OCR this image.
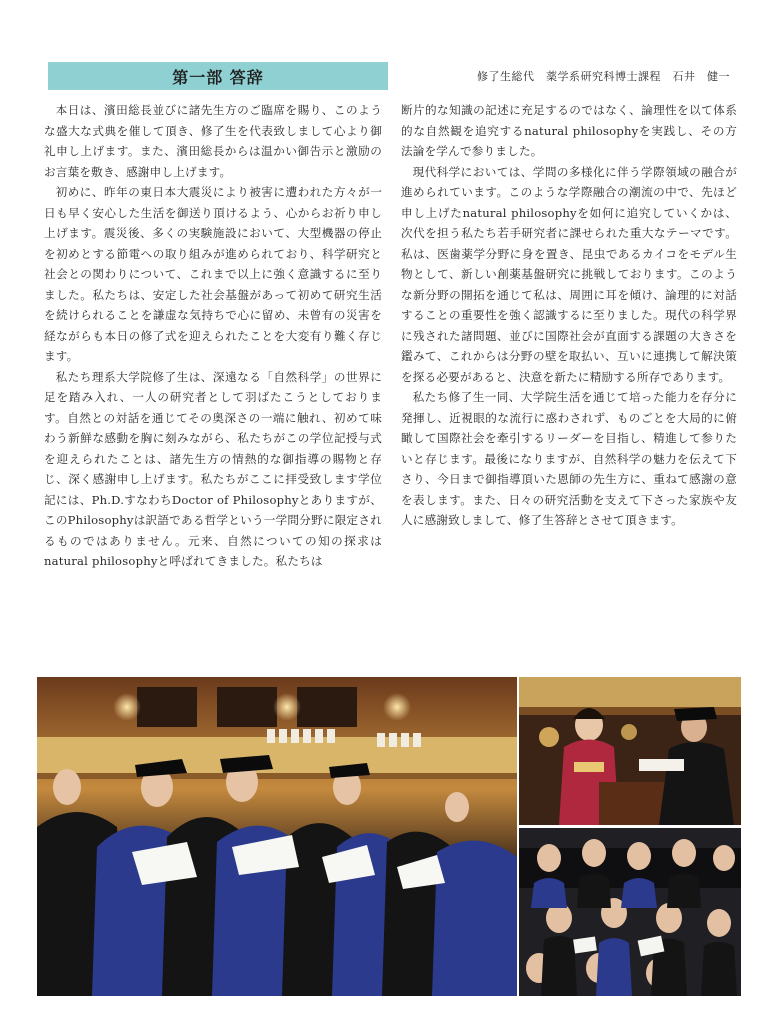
第一部 答辞	修了生総代　薬学系研究科博士課程　石井　健一

本日は、濱田総長並びに諸先生方のご臨席を賜り、このような盛大な式典を催して頂き、修了生を代表致しまして心より御礼申し上げます。また、濱田総長からは温かい御告示と激励のお言葉を敷き、感謝申し上げます。

初めに、昨年の東日本大震災により被害に遭われた方々が一日も早く安心した生活を御送り頂けるよう、心からお祈り申し上げます。震災後、多くの実験施設において、大型機器の停止を初めとする節電への取り組みが進められており、科学研究と社会との関わりについて、これまで以上に強く意識するに至りました。私たちは、安定した社会基盤があって初めて研究生活を続けられることを謙虚な気持ちで心に留め、未曾有の災害を経ながらも本日の修了式を迎えられたことを大変有り難く存じます。

私たち理系大学院修了生は、深遠なる「自然科学」の世界に足を踏み入れ、一人の研究者として羽ばたこうとしております。自然との対話を通じてその奥深さの一端に触れ、初めて味わう新鮮な感動を胸に刻みながら、私たちがこの学位記授与式を迎えられたことは、諸先生方の情熱的な御指導の賜物と存じ、深く感謝申し上げます。私たちがここに拝受致します学位記には、Ph.D.すなわちDoctor of Philosophyとありますが、このPhilosophyは訳語である哲学という一学問分野に限定されるものではありません。元来、自然についての知の探求はnatural philosophyと呼ばれてきました。私たちは

断片的な知識の記述に充足するのではなく、論理性を以て体系的な自然観を追究するnatural philosophyを実践し、その方法論を学んで参りました。

現代科学においては、学問の多様化に伴う学際領域の融合が進められています。このような学際融合の潮流の中で、先ほど申し上げたnatural philosophyを如何に追究していくかは、次代を担う私たち若手研究者に課せられた重大なテーマです。私は、医歯薬学分野に身を置き、昆虫であるカイコをモデル生物として、新しい創薬基盤研究に挑戦しております。このような新分野の開拓を通じて私は、周囲に耳を傾け、論理的に対話することの重要性を強く認識するに至りました。現代の科学界に残された諸問題、並びに国際社会が直面する課題の大きさを鑑みて、これからは分野の壁を取払い、互いに連携して解決策を探る必要があると、決意を新たに精励する所存であります。

私たち修了生一同、大学院生活を通じて培った能力を存分に発揮し、近視眼的な流行に惑わされず、ものごとを大局的に俯瞰して国際社会を牽引するリーダーを目指し、精進して参りたいと存じます。最後になりますが、自然科学の魅力を伝えて下さり、今日まで御指導頂いた恩師の先生方に、重ねて感謝の意を表します。また、日々の研究活動を支えて下さった家族や友人に感謝致しまして、修了生答辞とさせて頂きます。
